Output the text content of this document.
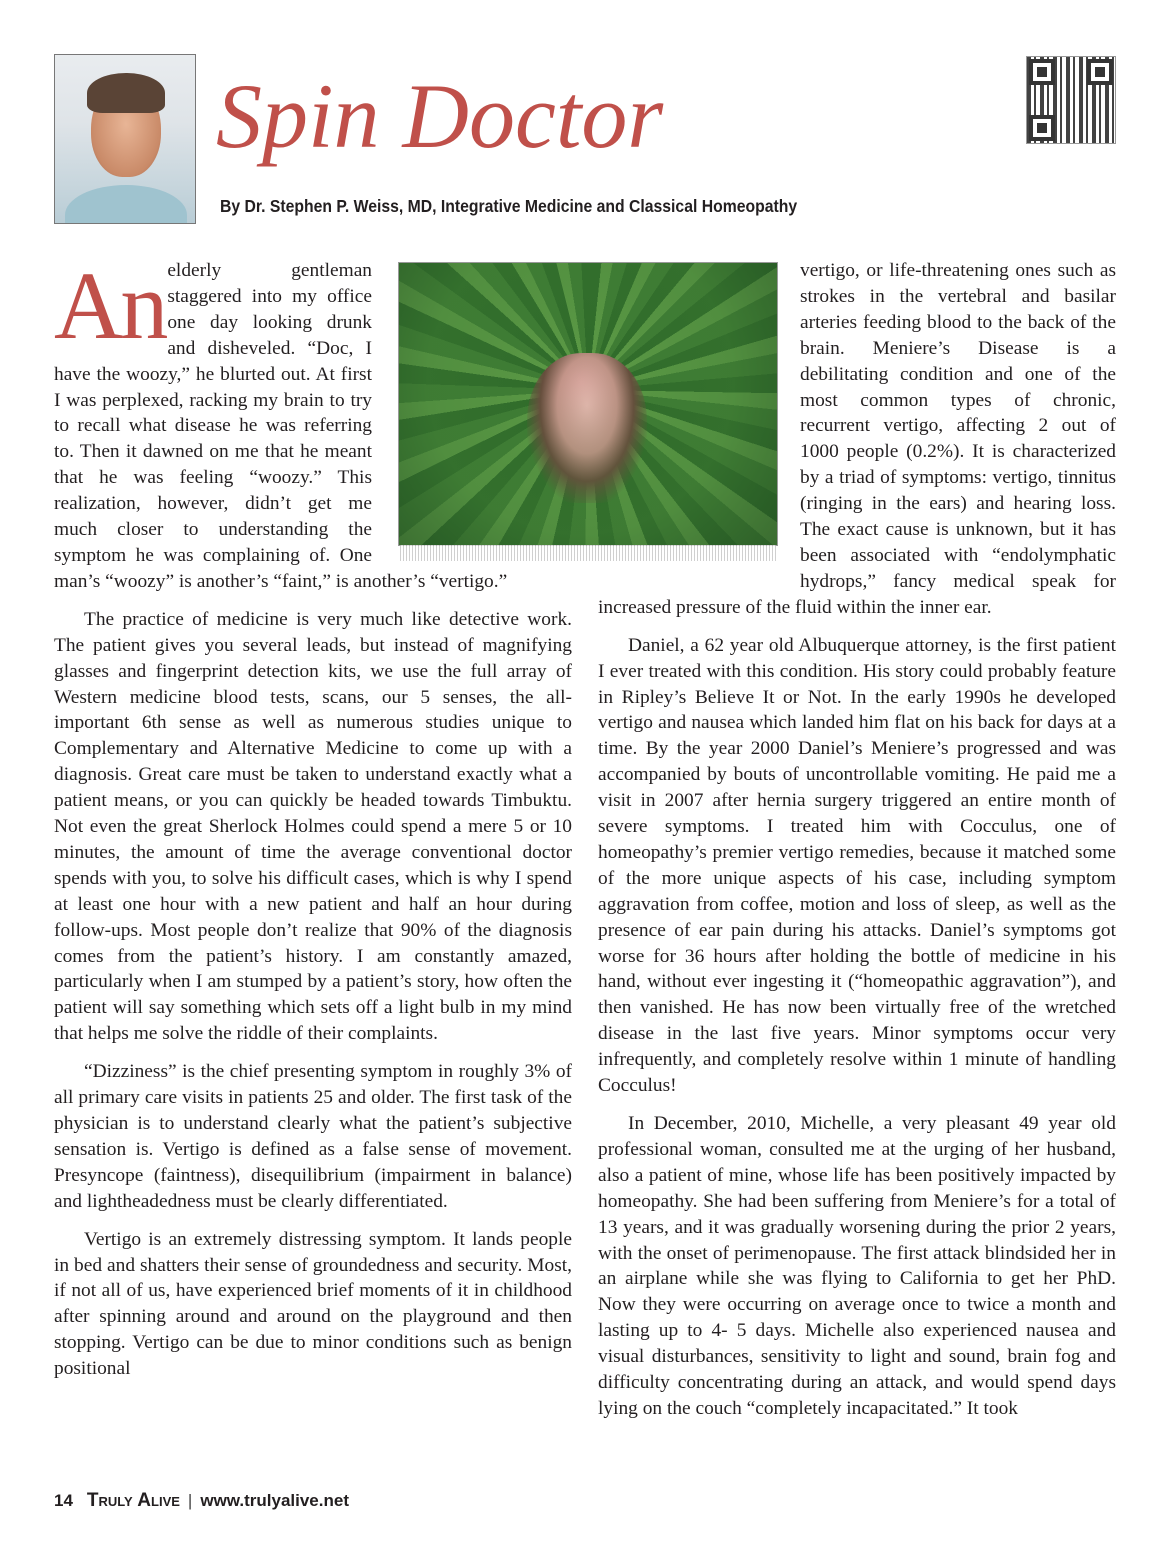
Spin Doctor
By Dr. Stephen P. Weiss, MD, Integrative Medicine and Classical Homeopathy

An elderly gentleman staggered into my office one day looking drunk and disheveled. “Doc, I have the woozy,” he blurted out. At first I was perplexed, racking my brain to try to recall what disease he was referring to. Then it dawned on me that he meant that he was feeling “woozy.” This realization, however, didn’t get me much closer to understanding the symptom he was complaining of. One man’s “woozy” is another’s “faint,” is another’s “vertigo.”

The practice of medicine is very much like detective work. The patient gives you several leads, but instead of magnifying glasses and fingerprint detection kits, we use the full array of Western medicine blood tests, scans, our 5 senses, the all-important 6th sense as well as numerous studies unique to Complementary and Alternative Medicine to come up with a diagnosis. Great care must be taken to understand exactly what a patient means, or you can quickly be headed towards Timbuktu. Not even the great Sherlock Holmes could spend a mere 5 or 10 minutes, the amount of time the average conventional doctor spends with you, to solve his difficult cases, which is why I spend at least one hour with a new patient and half an hour during follow-ups. Most people don’t realize that 90% of the diagnosis comes from the patient’s history. I am constantly amazed, particularly when I am stumped by a patient’s story, how often the patient will say something which sets off a light bulb in my mind that helps me solve the riddle of their complaints.

“Dizziness” is the chief presenting symptom in roughly 3% of all primary care visits in patients 25 and older. The first task of the physician is to understand clearly what the patient’s subjective sensation is. Vertigo is defined as a false sense of movement. Presyncope (faintness), disequilibrium (impairment in balance) and lightheadedness must be clearly differentiated.

Vertigo is an extremely distressing symptom. It lands people in bed and shatters their sense of groundedness and security. Most, if not all of us, have experienced brief moments of it in childhood after spinning around and around on the playground and then stopping. Vertigo can be due to minor conditions such as benign positional

vertigo, or life-threatening ones such as strokes in the vertebral and basilar arteries feeding blood to the back of the brain. Meniere’s Disease is a debilitating condition and one of the most common types of chronic, recurrent vertigo, affecting 2 out of 1000 people (0.2%). It is characterized by a triad of symptoms: vertigo, tinnitus (ringing in the ears) and hearing loss. The exact cause is unknown, but it has been associated with “endolymphatic hydrops,” fancy medical speak for increased pressure of the fluid within the inner ear.

Daniel, a 62 year old Albuquerque attorney, is the first patient I ever treated with this condition. His story could probably feature in Ripley’s Believe It or Not. In the early 1990s he developed vertigo and nausea which landed him flat on his back for days at a time. By the year 2000 Daniel’s Meniere’s progressed and was accompanied by bouts of uncontrollable vomiting. He paid me a visit in 2007 after hernia surgery triggered an entire month of severe symptoms. I treated him with Cocculus, one of homeopathy’s premier vertigo remedies, because it matched some of the more unique aspects of his case, including symptom aggravation from coffee, motion and loss of sleep, as well as the presence of ear pain during his attacks. Daniel’s symptoms got worse for 36 hours after holding the bottle of medicine in his hand, without ever ingesting it (“homeopathic aggravation”), and then vanished. He has now been virtually free of the wretched disease in the last five years. Minor symptoms occur very infrequently, and completely resolve within 1 minute of handling Cocculus!

In December, 2010, Michelle, a very pleasant 49 year old professional woman, consulted me at the urging of her husband, also a patient of mine, whose life has been positively impacted by homeopathy. She had been suffering from Meniere’s for a total of 13 years, and it was gradually worsening during the prior 2 years, with the onset of perimenopause. The first attack blindsided her in an airplane while she was flying to California to get her PhD. Now they were occurring on average once to twice a month and lasting up to 4- 5 days. Michelle also experienced nausea and visual disturbances, sensitivity to light and sound, brain fog and difficulty concentrating during an attack, and would spend days lying on the couch “completely incapacitated.” It took

14 Truly Alive | www.trulyalive.net
